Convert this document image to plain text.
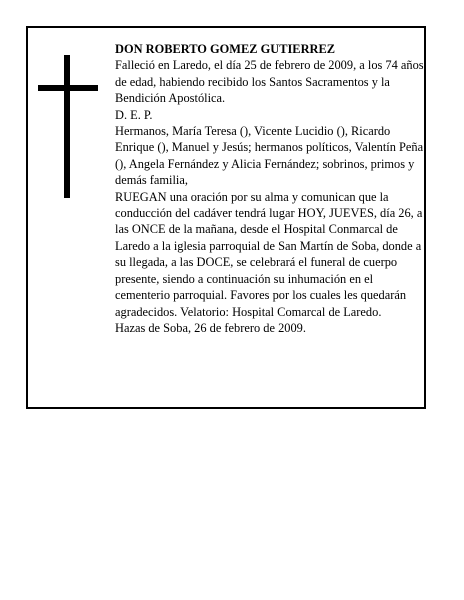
DON ROBERTO GOMEZ GUTIERREZ

Falleció en Laredo, el día 25 de febrero de 2009, a los 74 años de edad, habiendo recibido los Santos Sacramentos y la Bendición Apostólica.

D. E. P.

Hermanos, María Teresa (), Vicente Lucidio (), Ricardo Enrique (), Manuel y Jesús; hermanos políticos, Valentín Peña (), Angela Fernández y Alicia Fernández; sobrinos, primos y demás familia,

RUEGAN una oración por su alma y comunican que la conducción del cadáver tendrá lugar HOY, JUEVES, día 26, a las ONCE de la mañana, desde el Hospital Conmarcal de Laredo a la iglesia parroquial de San Martín de Soba, donde a su llegada, a las DOCE, se celebrará el funeral de cuerpo presente, siendo a continuación su inhumación en el cementerio parroquial. Favores por los cuales les quedarán agradecidos. Velatorio: Hospital Comarcal de Laredo.

Hazas de Soba, 26 de febrero de 2009.
